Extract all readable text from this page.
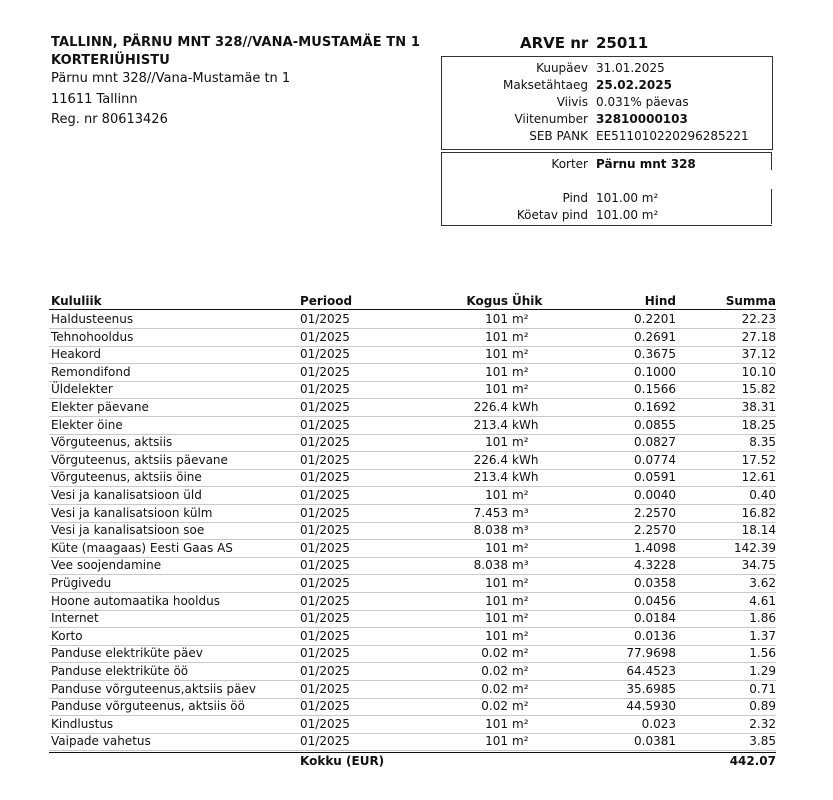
TALLINN, PÄRNU MNT 328//VANA-MUSTAMÄE TN 1 KORTERIÜHISTU
Pärnu mnt 328//Vana-Mustamäe tn 1
11611 Tallinn
Reg. nr 80613426
ARVE nr 25011
Kuupäev 31.01.2025
Maksetähtaeg 25.02.2025
Viivis 0.031% päevas
Viitenumber 32810000103
SEB PANK EE511010220296285221
Korter Pärnu mnt 328
Pind 101.00 m²
Köetav pind 101.00 m²
Kululiik	Periood	Kogus Ühik	Hind	Summa
Haldusteenus	01/2025	101 m²	0.2201	22.23
Tehnohooldus	01/2025	101 m²	0.2691	27.18
Heakord	01/2025	101 m²	0.3675	37.12
Remondifond	01/2025	101 m²	0.1000	10.10
Üldelekter	01/2025	101 m²	0.1566	15.82
Elekter päevane	01/2025	226.4 kWh	0.1692	38.31
Elekter öine	01/2025	213.4 kWh	0.0855	18.25
Võrguteenus, aktsiis	01/2025	101 m²	0.0827	8.35
Võrguteenus, aktsiis päevane	01/2025	226.4 kWh	0.0774	17.52
Võrguteenus, aktsiis öine	01/2025	213.4 kWh	0.0591	12.61
Vesi ja kanalisatsioon üld	01/2025	101 m²	0.0040	0.40
Vesi ja kanalisatsioon külm	01/2025	7.453 m³	2.2570	16.82
Vesi ja kanalisatsioon soe	01/2025	8.038 m³	2.2570	18.14
Küte (maagaas) Eesti Gaas AS	01/2025	101 m²	1.4098	142.39
Vee soojendamine	01/2025	8.038 m³	4.3228	34.75
Prügivedu	01/2025	101 m²	0.0358	3.62
Hoone automaatika hooldus	01/2025	101 m²	0.0456	4.61
Internet	01/2025	101 m²	0.0184	1.86
Korto	01/2025	101 m²	0.0136	1.37
Panduse elektriküte päev	01/2025	0.02 m²	77.9698	1.56
Panduse elektriküte öö	01/2025	0.02 m²	64.4523	1.29
Panduse võrguteenus,aktsiis päev	01/2025	0.02 m²	35.6985	0.71
Panduse võrguteenus, aktsiis öö	01/2025	0.02 m²	44.5930	0.89
Kindlustus	01/2025	101 m²	0.023	2.32
Vaipade vahetus	01/2025	101 m²	0.0381	3.85
Kokku (EUR)	442.07
